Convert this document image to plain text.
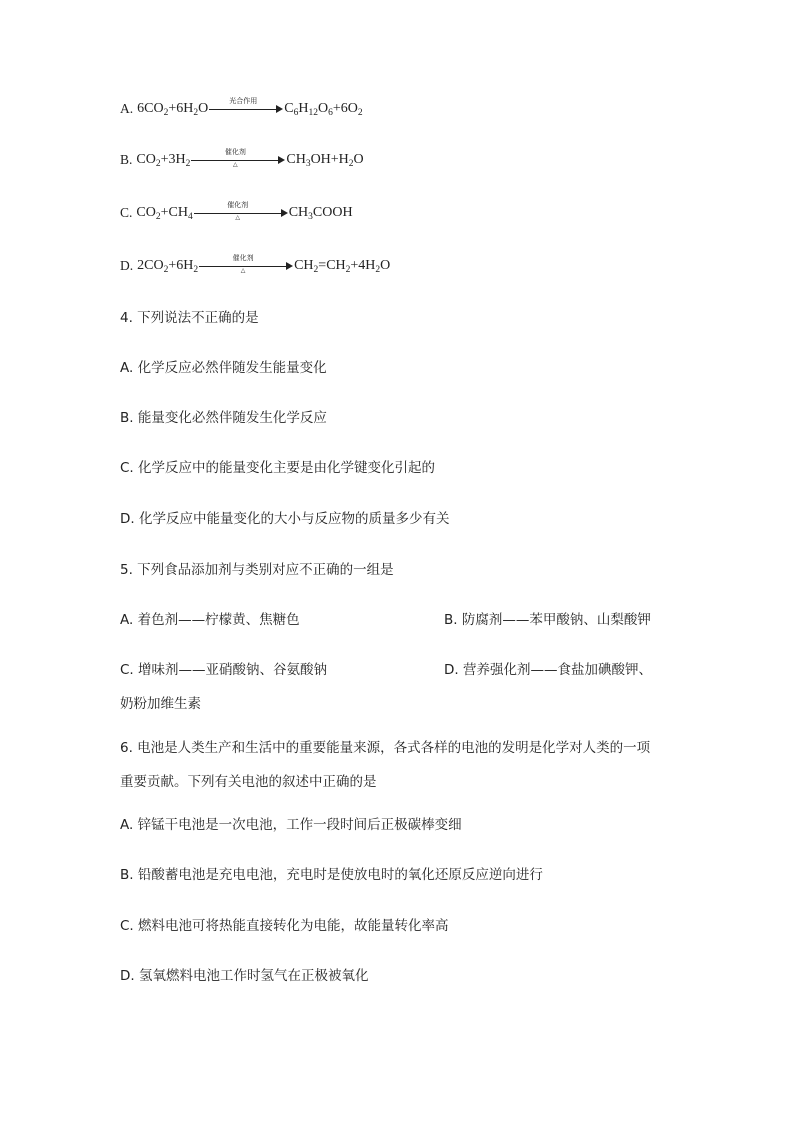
A. $6CO_2+6H_2O$	光合作用	$C_6H_{12}O_6+6O_2$
B. $CO_2+3H_2$
催化剂
△	$CH_3OH+H_2O$
C. $CO_2+CH_4$
催化剂
△	$CH_3COOH$
D. $2CO_2+6H_2$
催化剂
△	$CH_2=CH_2+4H_2O$
4. 下列说法不正确的是
A. 化学反应必然伴随发生能量变化
B. 能量变化必然伴随发生化学反应
C. 化学反应中的能量变化主要是由化学键变化引起的
D. 化学反应中能量变化的大小与反应物的质量多少有关
5. 下列食品添加剂与类别对应不正确的一组是
A. 着色剂——柠檬黄、焦糖色	B. 防腐剂——苯甲酸钠、山梨酸钾
C. 增味剂——亚硝酸钠、谷氨酸钠	D. 营养强化剂——食盐加碘酸钾、
奶粉加维生素
6. 电池是人类生产和生活中的重要能量来源，各式各样的电池的发明是化学对人类的一项
重要贡献。下列有关电池的叙述中正确的是
A. 锌锰干电池是一次电池，工作一段时间后正极碳棒变细
B. 铅酸蓄电池是充电电池，充电时是使放电时的氧化还原反应逆向进行
C. 燃料电池可将热能直接转化为电能，故能量转化率高
D. 氢氧燃料电池工作时氢气在正极被氧化
